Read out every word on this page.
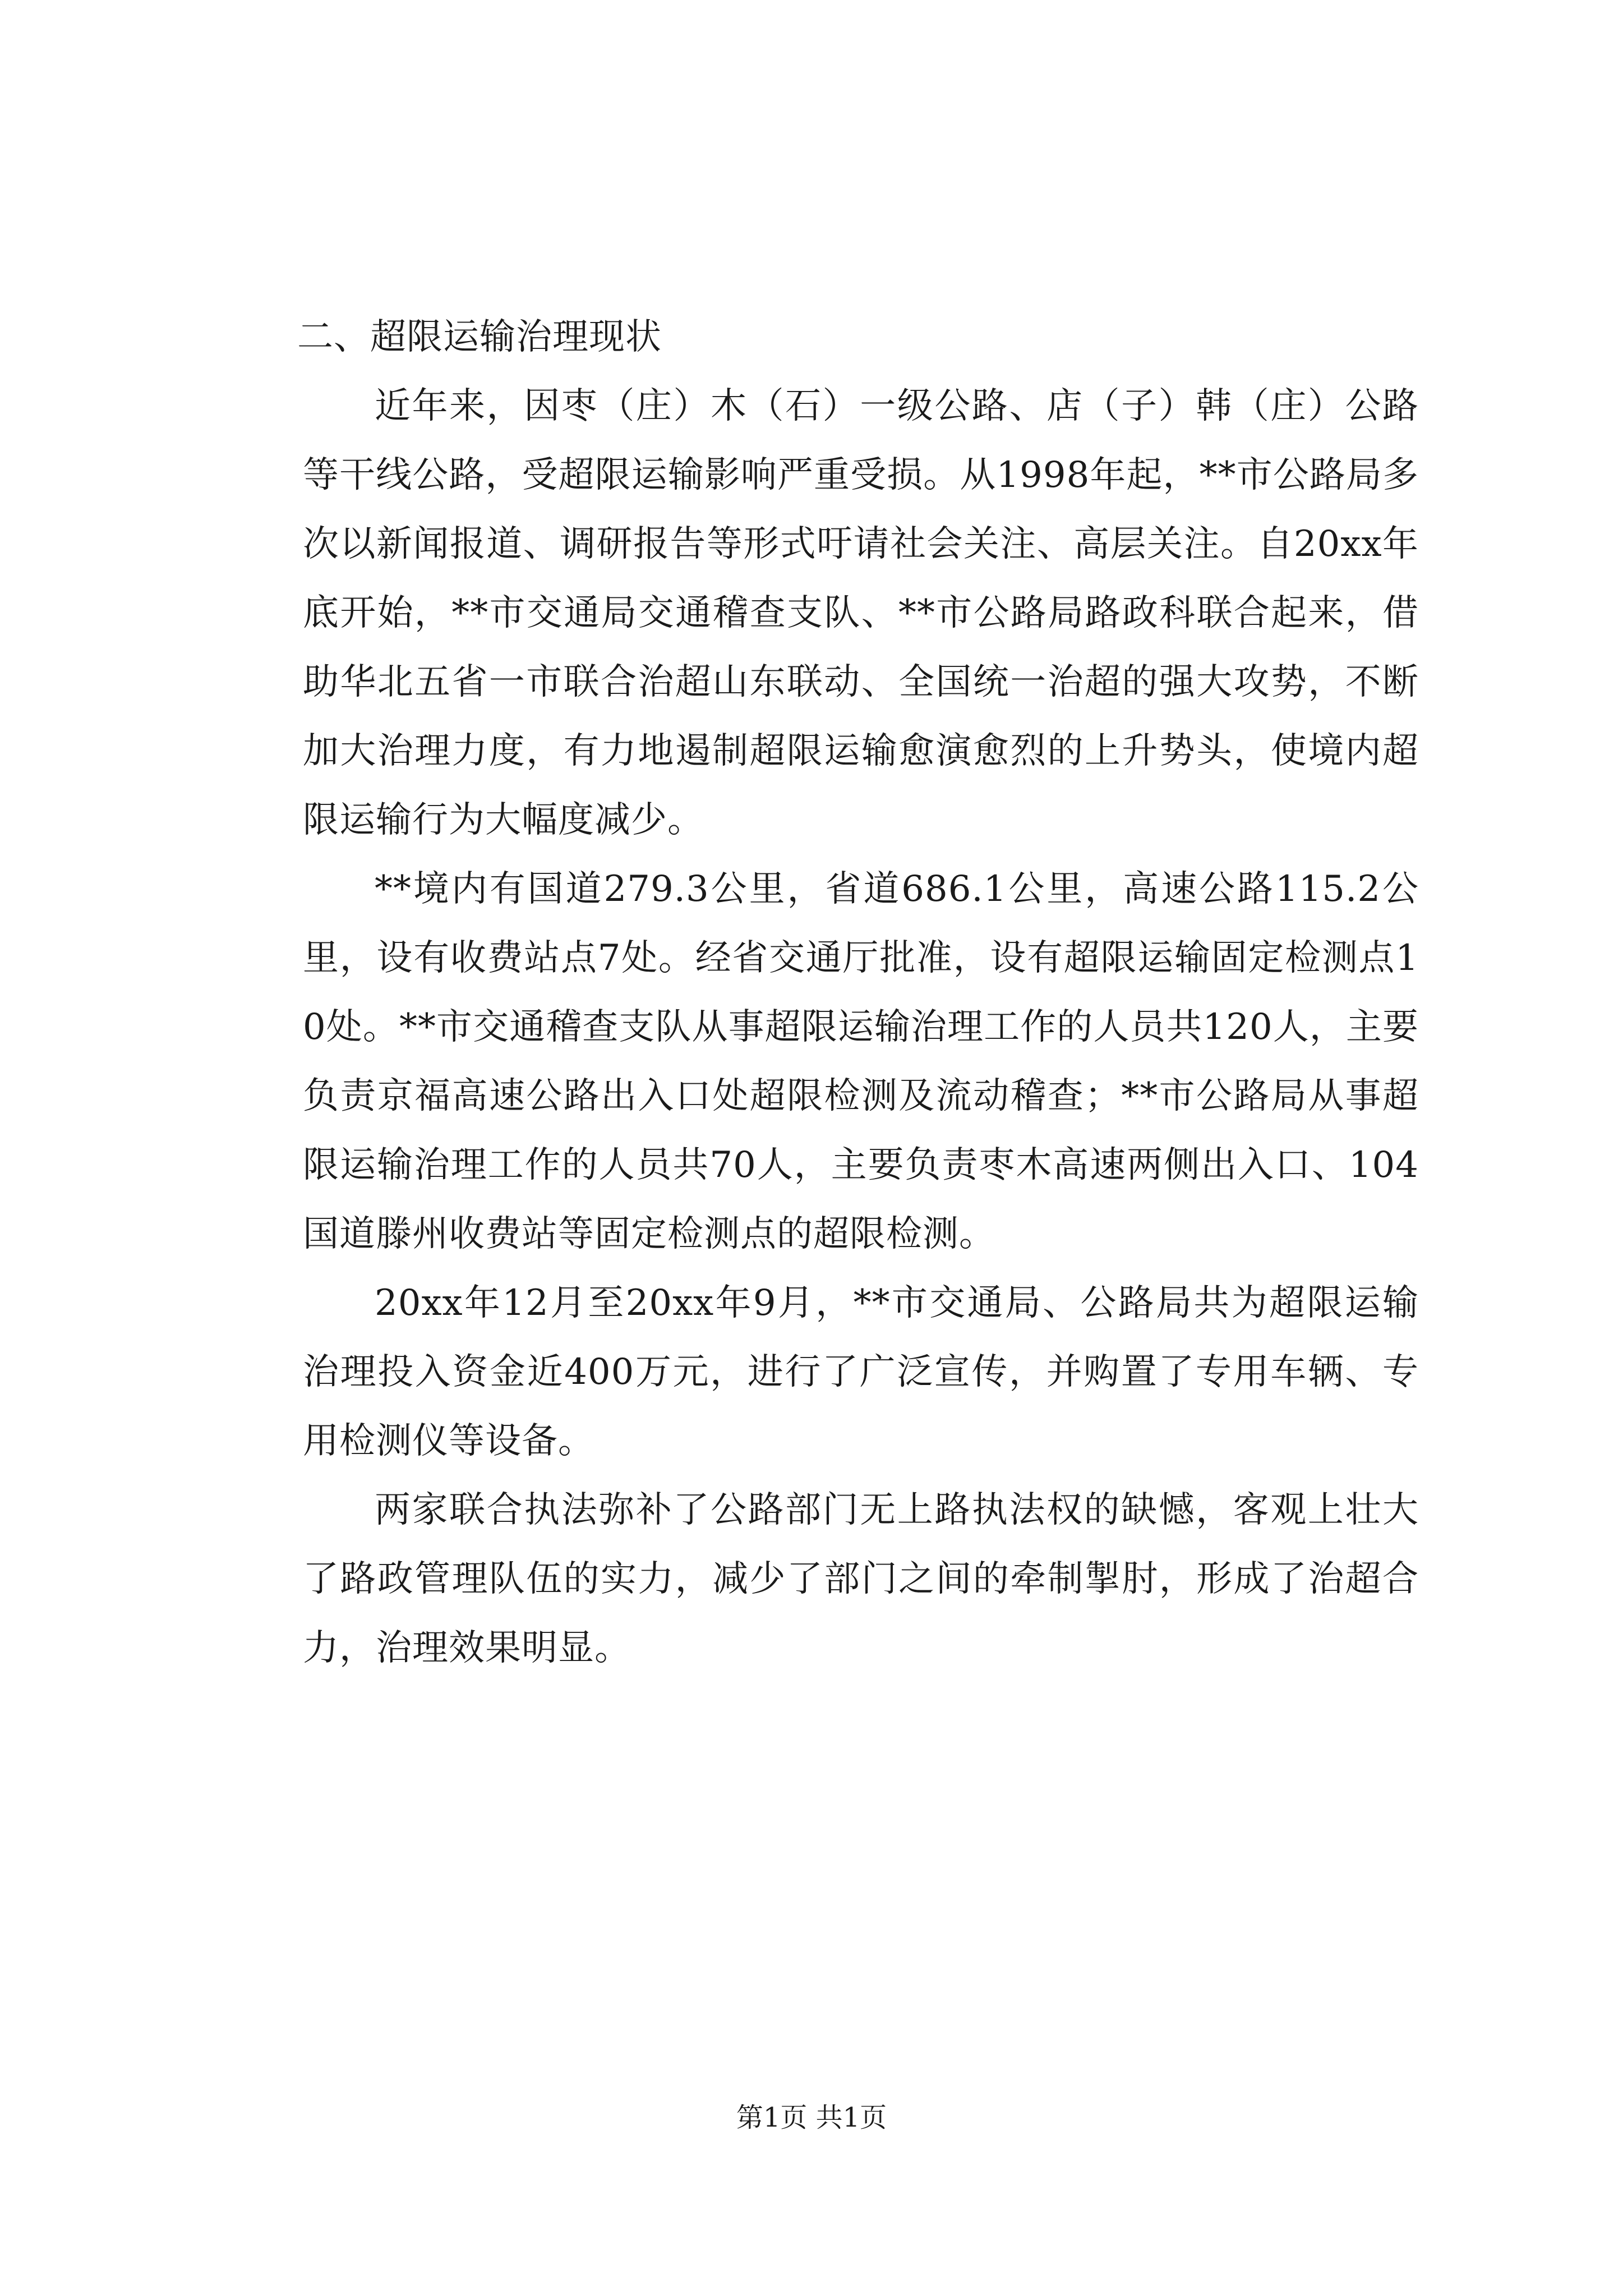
二、超限运输治理现状

近年来，因枣（庄）木（石）一级公路、店（子）韩（庄）公路等干线公路，受超限运输影响严重受损。从1998年起，**市公路局多次以新闻报道、调研报告等形式吁请社会关注、高层关注。自20xx年底开始，**市交通局交通稽查支队、**市公路局路政科联合起来，借助华北五省一市联合治超山东联动、全国统一治超的强大攻势，不断加大治理力度，有力地遏制超限运输愈演愈烈的上升势头，使境内超限运输行为大幅度减少。

**境内有国道279.3公里，省道686.1公里，高速公路115.2公里，设有收费站点7处。经省交通厅批准，设有超限运输固定检测点10处。**市交通稽查支队从事超限运输治理工作的人员共120人，主要负责京福高速公路出入口处超限检测及流动稽查；**市公路局从事超限运输治理工作的人员共70人，主要负责枣木高速两侧出入口、104国道滕州收费站等固定检测点的超限检测。

20xx年12月至20xx年9月，**市交通局、公路局共为超限运输治理投入资金近400万元，进行了广泛宣传，并购置了专用车辆、专用检测仪等设备。

两家联合执法弥补了公路部门无上路执法权的缺憾，客观上壮大了路政管理队伍的实力，减少了部门之间的牵制掣肘，形成了治超合力，治理效果明显。

第1页 共1页
